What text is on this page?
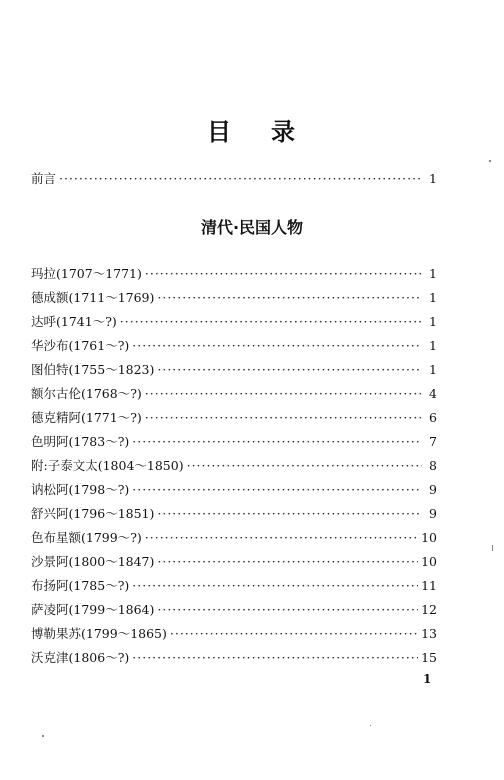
目 录
前言 ·····	1
清代·民国人物
玛拉(1707～1771) ·····	1
德成额(1711～1769) ·····	1
达呼(1741～?) ·····	1
华沙布(1761～?) ·····	1
图伯特(1755～1823) ·····	1
额尔古伦(1768～?) ·····	4
德克精阿(1771～?) ·····	6
色明阿(1783～?) ·····	7
附:子泰文太(1804～1850) ·····	8
讷松阿(1798～?) ·····	9
舒兴阿(1796～1851) ·····	9
色布星额(1799～?) ·····	10
沙景阿(1800～1847) ·····	10
布扬阿(1785～?) ·····	11
萨凌阿(1799～1864) ·····	12
博勒果苏(1799～1865) ·····	13
沃克津(1806～?) ·····	15
1
